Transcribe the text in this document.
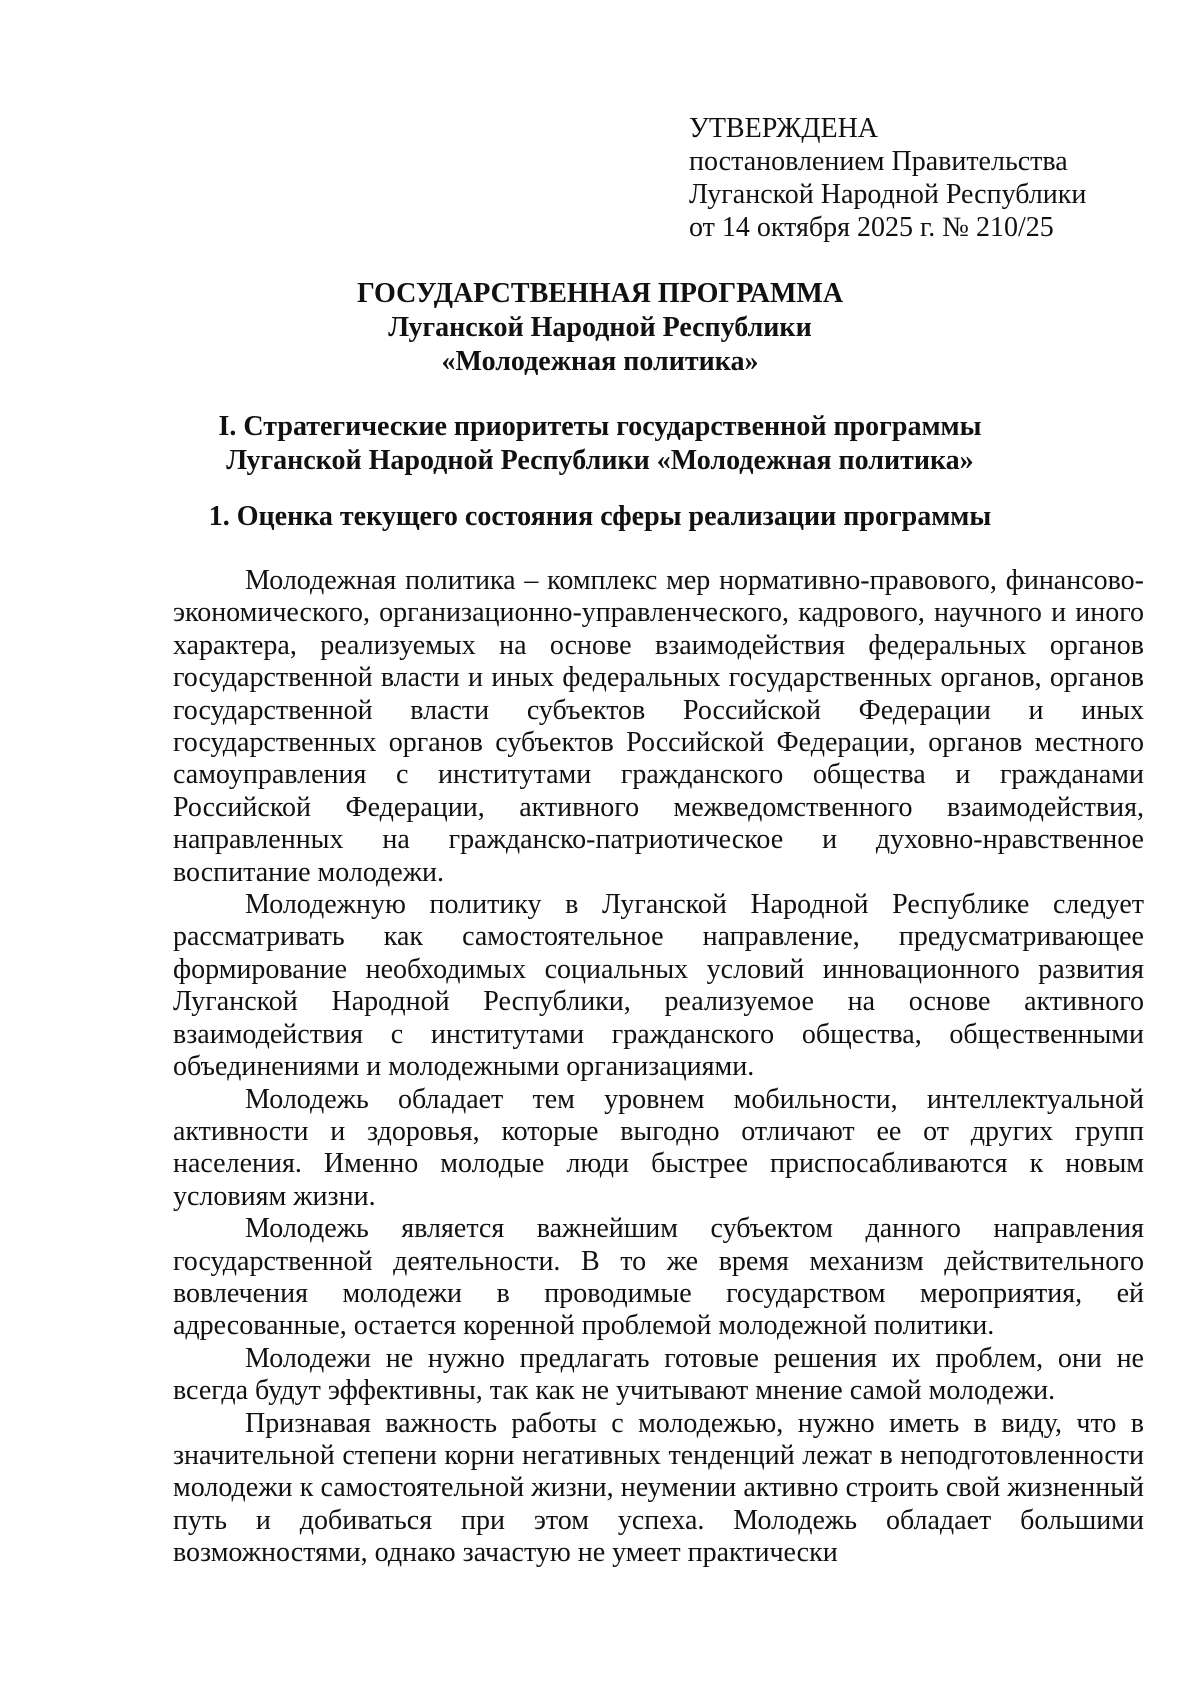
УТВЕРЖДЕНА
постановлением Правительства
Луганской Народной Республики
от 14 октября 2025 г. № 210/25
ГОСУДАРСТВЕННАЯ ПРОГРАММА
Луганской Народной Республики
«Молодежная политика»
I. Стратегические приоритеты государственной программы
Луганской Народной Республики «Молодежная политика»
1. Оценка текущего состояния сферы реализации программы

Молодежная политика – комплекс мер нормативно-правового, финансово-экономического, организационно-управленческого, кадрового, научного и иного характера, реализуемых на основе взаимодействия федеральных органов государственной власти и иных федеральных государственных органов, органов государственной власти субъектов Российской Федерации и иных государственных органов субъектов Российской Федерации, органов местного самоуправления с институтами гражданского общества и гражданами Российской Федерации, активного межведомственного взаимодействия, направленных на гражданско-патриотическое и духовно-нравственное воспитание молодежи.

Молодежную политику в Луганской Народной Республике следует рассматривать как самостоятельное направление, предусматривающее формирование необходимых социальных условий инновационного развития Луганской Народной Республики, реализуемое на основе активного взаимодействия с институтами гражданского общества, общественными объединениями и молодежными организациями.

Молодежь обладает тем уровнем мобильности, интеллектуальной активности и здоровья, которые выгодно отличают ее от других групп населения. Именно молодые люди быстрее приспосабливаются к новым условиям жизни.

Молодежь является важнейшим субъектом данного направления государственной деятельности. В то же время механизм действительного вовлечения молодежи в проводимые государством мероприятия, ей адресованные, остается коренной проблемой молодежной политики.

Молодежи не нужно предлагать готовые решения их проблем, они не всегда будут эффективны, так как не учитывают мнение самой молодежи.

Признавая важность работы с молодежью, нужно иметь в виду, что в значительной степени корни негативных тенденций лежат в неподготовленности молодежи к самостоятельной жизни, неумении активно строить свой жизненный путь и добиваться при этом успеха. Молодежь обладает большими возможностями, однако зачастую не умеет практически
